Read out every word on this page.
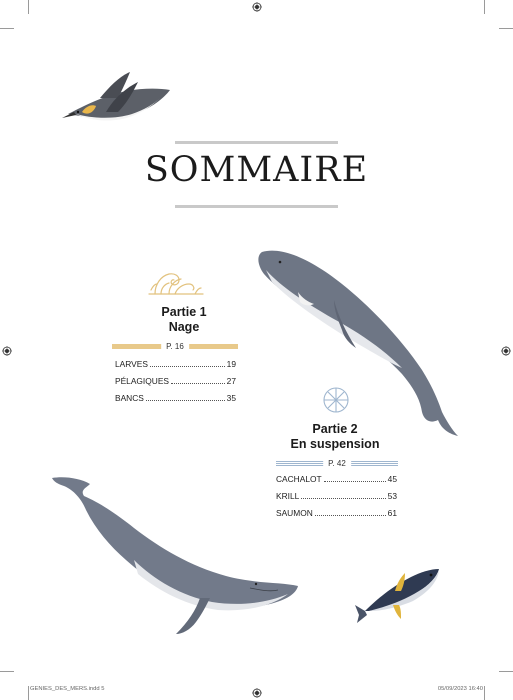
SOMMAIRE
Partie 1
Nage
P. 16
LARVES	19
PÉLAGIQUES	27
BANCS	35
Partie 2
En suspension
P. 42
CACHALOT	45
KRILL	53
SAUMON	61
GENIES_DES_MERS.indd 5	05/09/2023 16:40
